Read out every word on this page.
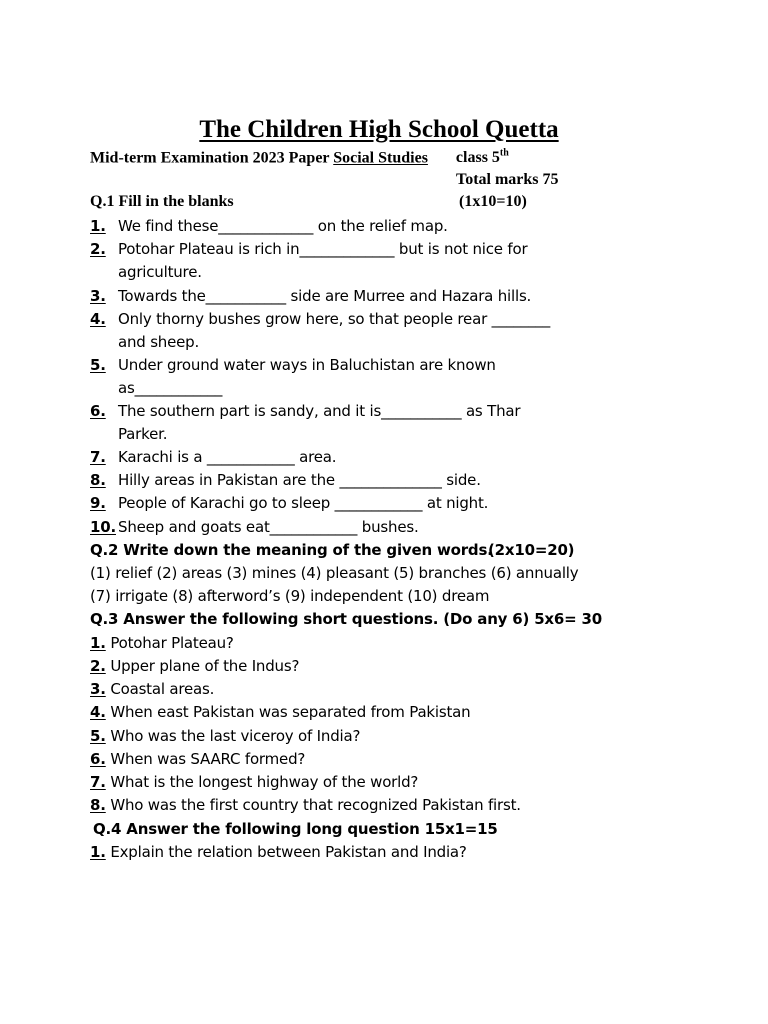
The Children High School Quetta
Mid-term Examination 2023 Paper Social Studies class 5th
Total marks 75
Q.1 Fill in the blanks	(1x10=10)
1. We find these_____________ on the relief map.
2. Potohar Plateau is rich in_____________ but is not nice for
agriculture.
3. Towards the___________ side are Murree and Hazara hills.
4. Only thorny bushes grow here, so that people rear ________
and sheep.
5. Under ground water ways in Baluchistan are known
as____________
6. The southern part is sandy, and it is___________ as Thar
Parker.
7. Karachi is a ____________ area.
8. Hilly areas in Pakistan are the ______________ side.
9. People of Karachi go to sleep ____________ at night.
10. Sheep and goats eat____________ bushes.
Q.2 Write down the meaning of the given words.
(2x10=20)
(1) relief (2) areas (3) mines (4) pleasant (5) branches (6) annually
(7) irrigate (8) afterword’s (9) independent (10) dream
Q.3 Answer the following short questions. (Do any 6) 5x6= 30
1. Potohar Plateau?
2. Upper plane of the Indus?
3. Coastal areas.
4. When east Pakistan was separated from Pakistan
5. Who was the last viceroy of India?
6. When was SAARC formed?
7. What is the longest highway of the world?
8. Who was the first country that recognized Pakistan first.
Q.4 Answer the following long question 15x1=15
1. Explain the relation between Pakistan and India?
